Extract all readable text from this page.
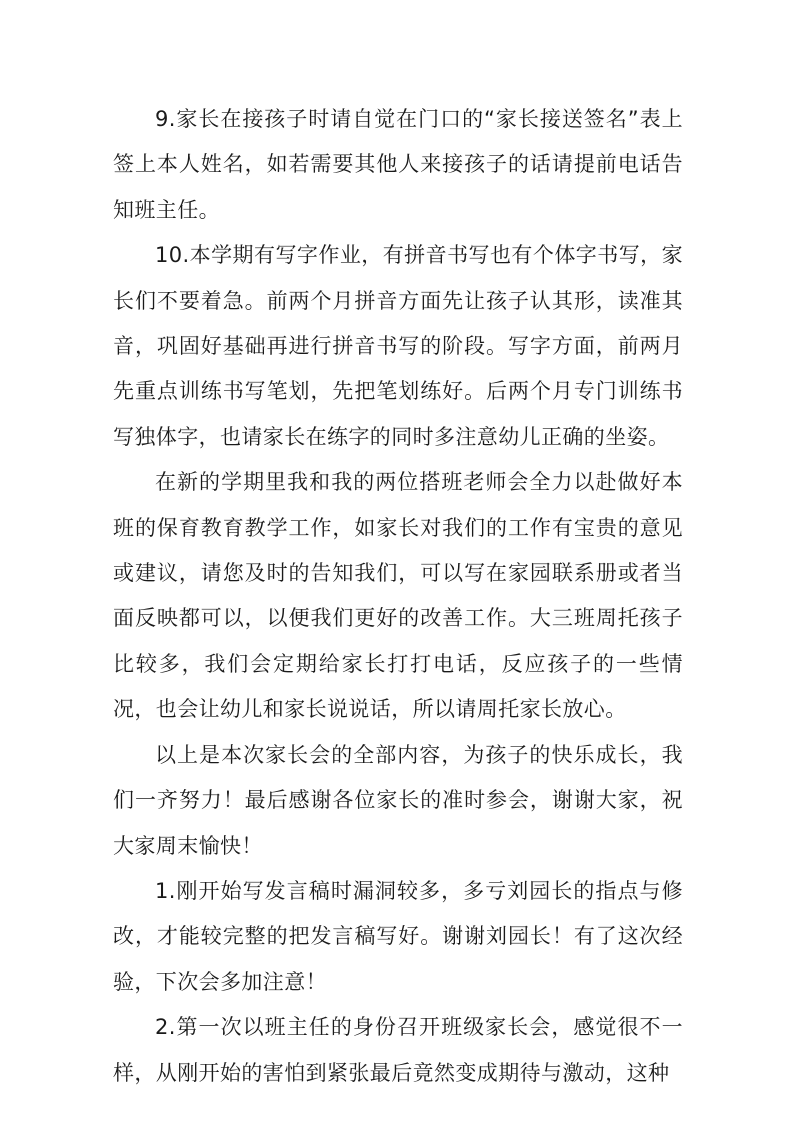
9.家长在接孩子时请自觉在门口的“家长接送签名”表上签上本人姓名，如若需要其他人来接孩子的话请提前电话告知班主任。

10.本学期有写字作业，有拼音书写也有个体字书写，家长们不要着急。前两个月拼音方面先让孩子认其形，读准其音，巩固好基础再进行拼音书写的阶段。写字方面，前两月先重点训练书写笔划，先把笔划练好。后两个月专门训练书写独体字，也请家长在练字的同时多注意幼儿正确的坐姿。

在新的学期里我和我的两位搭班老师会全力以赴做好本班的保育教育教学工作，如家长对我们的工作有宝贵的意见或建议，请您及时的告知我们，可以写在家园联系册或者当面反映都可以，以便我们更好的改善工作。大三班周托孩子比较多，我们会定期给家长打打电话，反应孩子的一些情况，也会让幼儿和家长说说话，所以请周托家长放心。

以上是本次家长会的全部内容，为孩子的快乐成长，我们一齐努力！最后感谢各位家长的准时参会，谢谢大家，祝大家周末愉快！

1.刚开始写发言稿时漏洞较多，多亏刘园长的指点与修改，才能较完整的把发言稿写好。谢谢刘园长！有了这次经验，下次会多加注意！

2.第一次以班主任的身份召开班级家长会，感觉很不一样，从刚开始的害怕到紧张最后竟然变成期待与激动，这种
